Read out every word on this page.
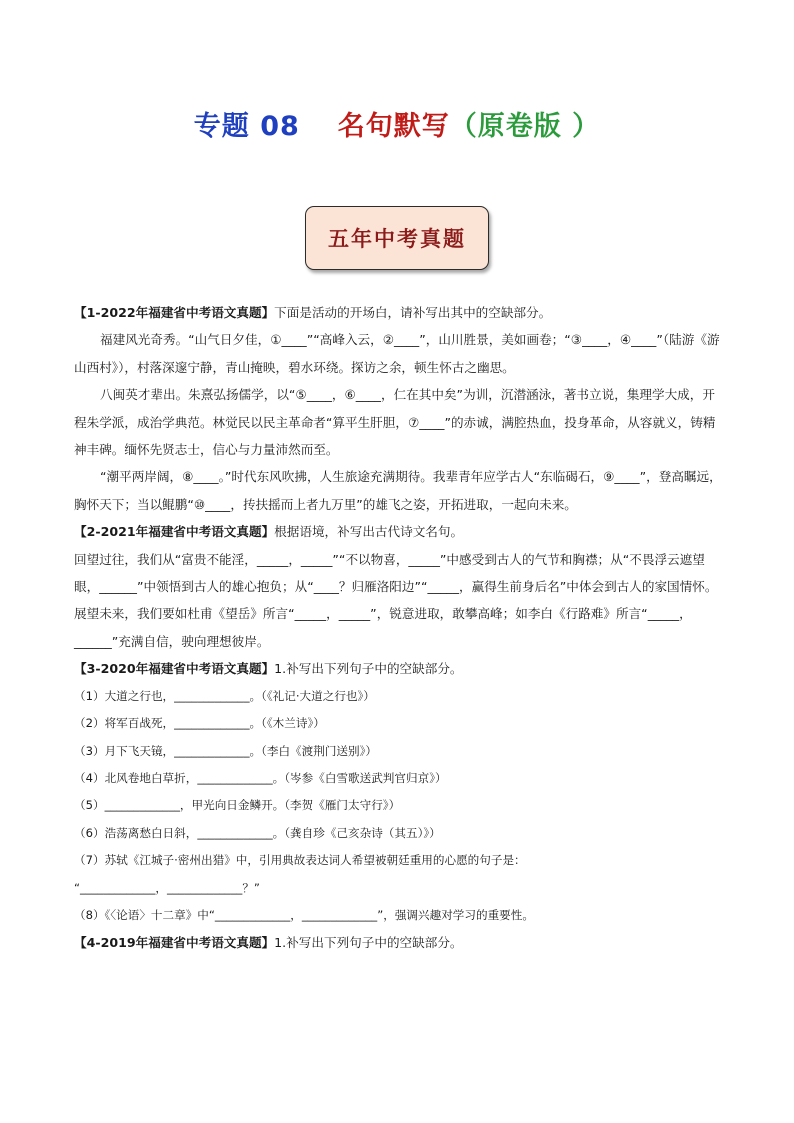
专题 08 名句默写（原卷版 ）
五年中考真题

【1-2022年福建省中考语文真题】下面是活动的开场白，请补写出其中的空缺部分。

福建风光奇秀。“山气日夕佳，①____”“高峰入云，②____”，山川胜景，美如画卷；“③____，④____”（陆游《游山西村》），村落深邃宁静，青山掩映，碧水环绕。探访之余，顿生怀古之幽思。

八闽英才辈出。朱熹弘扬儒学，以“⑤____，⑥____，仁在其中矣”为训，沉潜涵泳，著书立说，集理学大成，开程朱学派，成治学典范。林觉民以民主革命者“算平生肝胆，⑦____”的赤诚，满腔热血，投身革命，从容就义，铸精神丰碑。缅怀先贤志士，信心与力量沛然而至。

“潮平两岸阔，⑧____。”时代东风吹拂，人生旅途充满期待。我辈青年应学古人“东临碣石，⑨____”，登高瞩远，胸怀天下；当以鲲鹏“⑩____，抟扶摇而上者九万里”的雄飞之姿，开拓进取，一起向未来。

【2-2021年福建省中考语文真题】根据语境，补写出古代诗文名句。

回望过往，我们从“富贵不能淫，_____，_____”“不以物喜，_____”中感受到古人的气节和胸襟；从“不畏浮云遮望眼，______”中领悟到古人的雄心抱负；从“____？归雁洛阳边”“_____，赢得生前身后名”中体会到古人的家国情怀。

展望未来，我们要如杜甫《望岳》所言“_____，_____”，锐意进取，敢攀高峰；如李白《行路难》所言“_____，______”充满自信，驶向理想彼岸。

【3-2020年福建省中考语文真题】1.补写出下列句子中的空缺部分。

（1）大道之行也，_____________。（《礼记·大道之行也》）

（2）将军百战死，_____________。（《木兰诗》）

（3）月下飞天镜，_____________。（李白《渡荆门送别》）

（4）北风卷地白草折，_____________。（岑参《白雪歌送武判官归京》）

（5）_____________，甲光向日金鳞开。（李贺《雁门太守行》）

（6）浩荡离愁白日斜，_____________。（龚自珍《己亥杂诗（其五）》）

（7）苏轼《江城子·密州出猎》中，引用典故表达词人希望被朝廷重用的心愿的句子是：

“_____________，_____________？”

（8）《〈论语〉十二章》中“_____________，_____________”，强调兴趣对学习的重要性。

【4-2019年福建省中考语文真题】1.补写出下列句子中的空缺部分。
